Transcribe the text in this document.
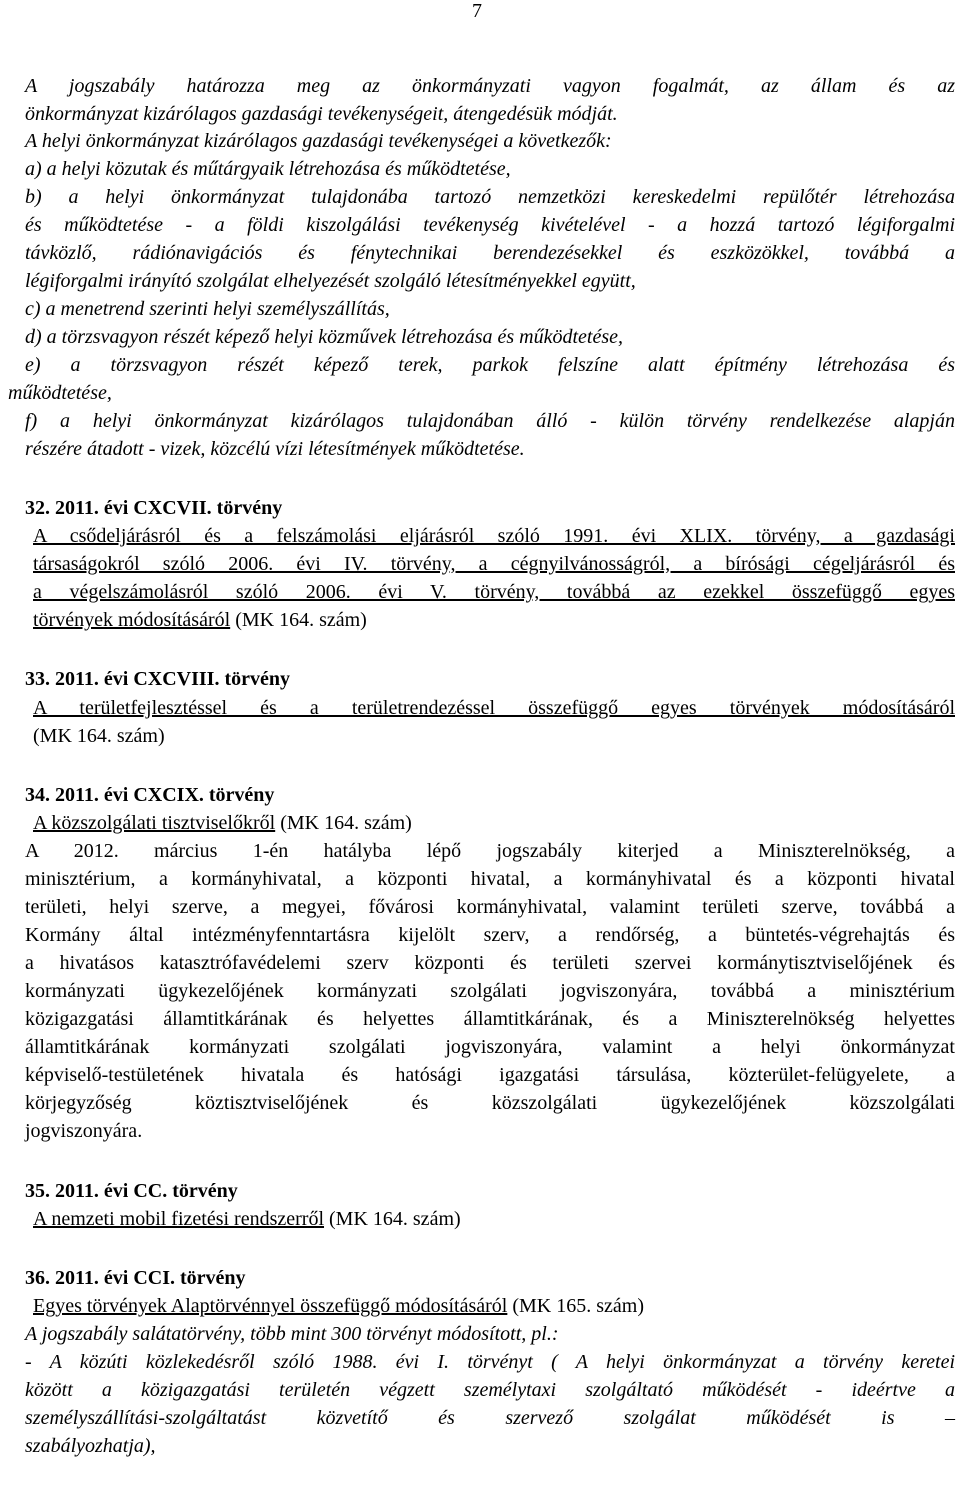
7
A jogszabály határozza meg az önkormányzati vagyon fogalmát, az állam és az
önkormányzat kizárólagos gazdasági tevékenységeit, átengedésük módját.
A helyi önkormányzat kizárólagos gazdasági tevékenységei a következők:
a) a helyi közutak és műtárgyaik létrehozása és működtetése,
b) a helyi önkormányzat tulajdonába tartozó nemzetközi kereskedelmi repülőtér létrehozása
és működtetése - a földi kiszolgálási tevékenység kivételével - a hozzá tartozó légiforgalmi
távközlő, rádiónavigációs és fénytechnikai berendezésekkel és eszközökkel, továbbá a
légiforgalmi irányító szolgálat elhelyezését szolgáló létesítményekkel együtt,
c) a menetrend szerinti helyi személyszállítás,
d) a törzsvagyon részét képező helyi közművek létrehozása és működtetése,
e) a törzsvagyon részét képező terek, parkok felszíne alatt építmény létrehozása és
működtetése,
f) a helyi önkormányzat kizárólagos tulajdonában álló - külön törvény rendelkezése alapján
részére átadott - vizek, közcélú vízi létesítmények működtetése.
32. 2011. évi CXCVII. törvény
A csődeljárásról és a felszámolási eljárásról szóló 1991. évi XLIX. törvény, a gazdasági
társaságokról szóló 2006. évi IV. törvény, a cégnyilvánosságról, a bírósági cégeljárásról és
a végelszámolásról szóló 2006. évi V. törvény, továbbá az ezekkel összefüggő egyes
törvények módosításáról (MK 164. szám)
33. 2011. évi CXCVIII. törvény
A területfejlesztéssel és a területrendezéssel összefüggő egyes törvények módosításáról
(MK 164. szám)
34. 2011. évi CXCIX. törvény
A közszolgálati tisztviselőkről (MK 164. szám)
A 2012. március 1-én hatályba lépő jogszabály kiterjed a Miniszterelnökség, a
minisztérium, a kormányhivatal, a központi hivatal, a kormányhivatal és a központi hivatal
területi, helyi szerve, a megyei, fővárosi kormányhivatal, valamint területi szerve, továbbá a
Kormány által intézményfenntartásra kijelölt szerv, a rendőrség, a büntetés-végrehajtás és
a hivatásos katasztrófavédelemi szerv központi és területi szervei kormánytisztviselőjének és
kormányzati ügykezelőjének kormányzati szolgálati jogviszonyára, továbbá a minisztérium
közigazgatási államtitkárának és helyettes államtitkárának, és a Miniszterelnökség helyettes
államtitkárának kormányzati szolgálati jogviszonyára, valamint a helyi önkormányzat
képviselő-testületének hivatala és hatósági igazgatási társulása, közterület-felügyelete, a
körjegyzőség köztisztviselőjének és közszolgálati ügykezelőjének közszolgálati
jogviszonyára.
35. 2011. évi CC. törvény
A nemzeti mobil fizetési rendszerről (MK 164. szám)
36. 2011. évi CCI. törvény
Egyes törvények Alaptörvénnyel összefüggő módosításáról (MK 165. szám)
A jogszabály salátatörvény, több mint 300 törvényt módosított, pl.:
- A közúti közlekedésről szóló 1988. évi I. törvényt ( A helyi önkormányzat a törvény keretei
között a közigazgatási területén végzett személytaxi szolgáltató működését - ideértve a
személyszállítási-szolgáltatást közvetítő és szervező szolgálat működését is –
szabályozhatja),
